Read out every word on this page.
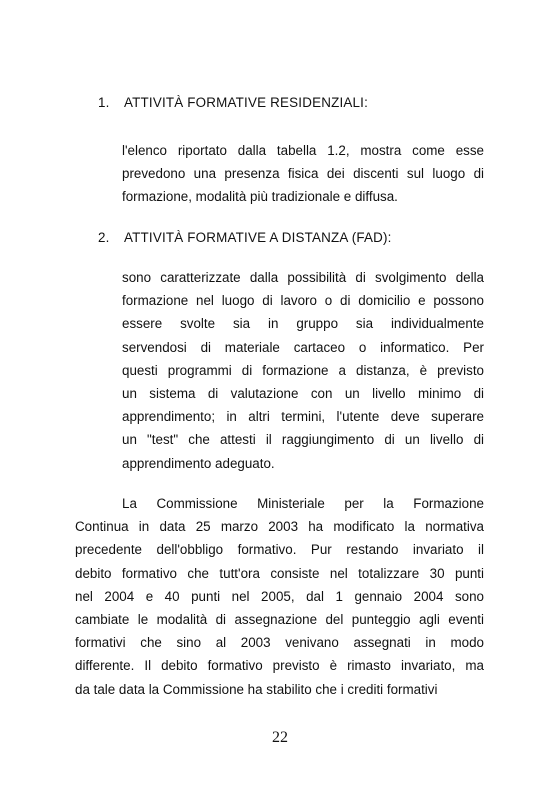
1. ATTIVITÀ FORMATIVE RESIDENZIALI:

l'elenco riportato dalla tabella 1.2, mostra come esse
prevedono una presenza fisica dei discenti sul luogo di
formazione, modalità più tradizionale e diffusa.

2. ATTIVITÀ FORMATIVE A DISTANZA (FAD):

sono caratterizzate dalla possibilità di svolgimento della
formazione nel luogo di lavoro o di domicilio e possono
essere svolte sia in gruppo sia individualmente
servendosi di materiale cartaceo o informatico. Per
questi programmi di formazione a distanza, è previsto
un sistema di valutazione con un livello minimo di
apprendimento; in altri termini, l'utente deve superare
un "test" che attesti il raggiungimento di un livello di
apprendimento adeguato.

La Commissione Ministeriale per la Formazione
Continua in data 25 marzo 2003 ha modificato la normativa
precedente dell'obbligo formativo. Pur restando invariato il
debito formativo che tutt'ora consiste nel totalizzare 30 punti
nel 2004 e 40 punti nel 2005, dal 1 gennaio 2004 sono
cambiate le modalità di assegnazione del punteggio agli eventi
formativi che sino al 2003 venivano assegnati in modo
differente. Il debito formativo previsto è rimasto invariato, ma
da tale data la Commissione ha stabilito che i crediti formativi

22
